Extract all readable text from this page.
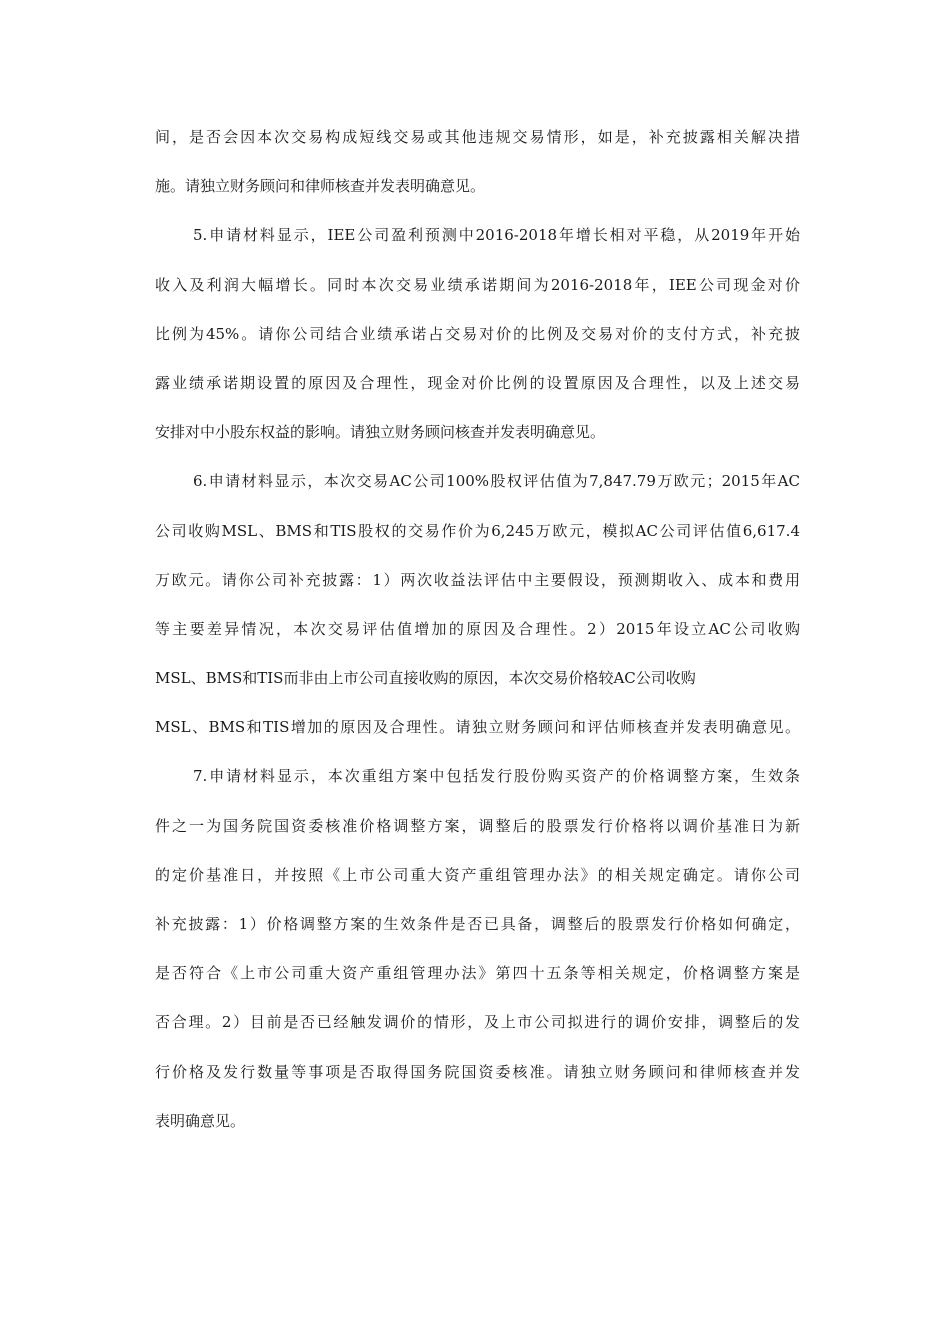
间，是否会因本次交易构成短线交易或其他违规交易情形，如是，补充披露相关解决措
施。请独立财务顾问和律师核查并发表明确意见。
5.申请材料显示，IEE公司盈利预测中2016-2018年增长相对平稳，从2019年开始
收入及利润大幅增长。同时本次交易业绩承诺期间为2016-2018年，IEE公司现金对价
比例为45%。请你公司结合业绩承诺占交易对价的比例及交易对价的支付方式，补充披
露业绩承诺期设置的原因及合理性，现金对价比例的设置原因及合理性，以及上述交易
安排对中小股东权益的影响。请独立财务顾问核查并发表明确意见。
6.申请材料显示，本次交易AC公司100%股权评估值为7,847.79万欧元；2015年AC
公司收购MSL、BMS和TIS股权的交易作价为6,245万欧元，模拟AC公司评估值6,617.4
万欧元。请你公司补充披露：1）两次收益法评估中主要假设，预测期收入、成本和费用
等主要差异情况，本次交易评估值增加的原因及合理性。2）2015年设立AC公司收购
MSL、BMS和TIS而非由上市公司直接收购的原因，本次交易价格较AC公司收购
MSL、BMS和TIS增加的原因及合理性。请独立财务顾问和评估师核查并发表明确意见。
7.申请材料显示，本次重组方案中包括发行股份购买资产的价格调整方案，生效条
件之一为国务院国资委核准价格调整方案，调整后的股票发行价格将以调价基准日为新
的定价基准日，并按照《上市公司重大资产重组管理办法》的相关规定确定。请你公司
补充披露：1）价格调整方案的生效条件是否已具备，调整后的股票发行价格如何确定，
是否符合《上市公司重大资产重组管理办法》第四十五条等相关规定，价格调整方案是
否合理。2）目前是否已经触发调价的情形，及上市公司拟进行的调价安排，调整后的发
行价格及发行数量等事项是否取得国务院国资委核准。请独立财务顾问和律师核查并发
表明确意见。
